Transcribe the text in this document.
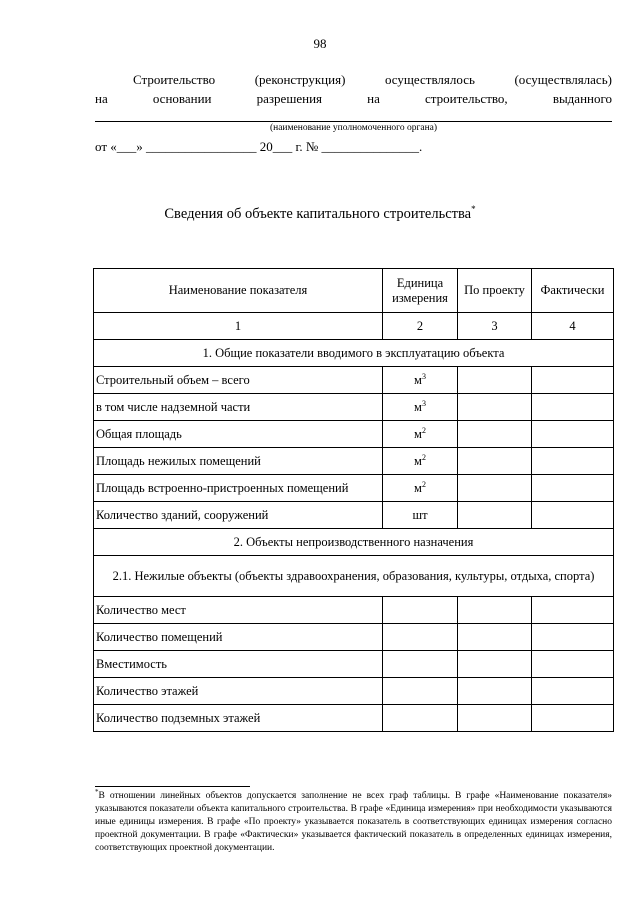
98
Строительство	(реконструкция)	осуществлялось	(осуществлялась)
на	основании	разрешения	на	строительство,	выданного
(наименование уполномоченного органа)
от «___» _________________ 20___ г. № _______________.
Сведения об объекте капитального строительства*
Наименование показателя	Единица измерения	По проекту	Фактически
1	2	3	4
1. Общие показатели вводимого в эксплуатацию объекта			
Строительный объем – всего	$м^3$		
в том числе надземной части	$м^3$		
Общая площадь	$м^2$		
Площадь нежилых помещений	$м^2$		
Площадь встроенно-пристроенных помещений	$м^2$		
Количество зданий, сооружений	шт		
2. Объекты непроизводственного назначения			
2.1. Нежилые объекты (объекты здравоохранения, образования, культуры, отдыха, спорта)			
Количество мест			
Количество помещений			
Вместимость			
Количество этажей			
Количество подземных этажей			
*В отношении линейных объектов допускается заполнение не всех граф таблицы. В графе «Наименование показателя» указываются показатели объекта капитального строительства. В графе «Единица измерения» при необходимости указываются иные единицы измерения. В графе «По проекту» указывается показатель в соответствующих единицах измерения согласно проектной документации. В графе «Фактически» указывается фактический показатель в определенных единицах измерения, соответствующих проектной документации.
